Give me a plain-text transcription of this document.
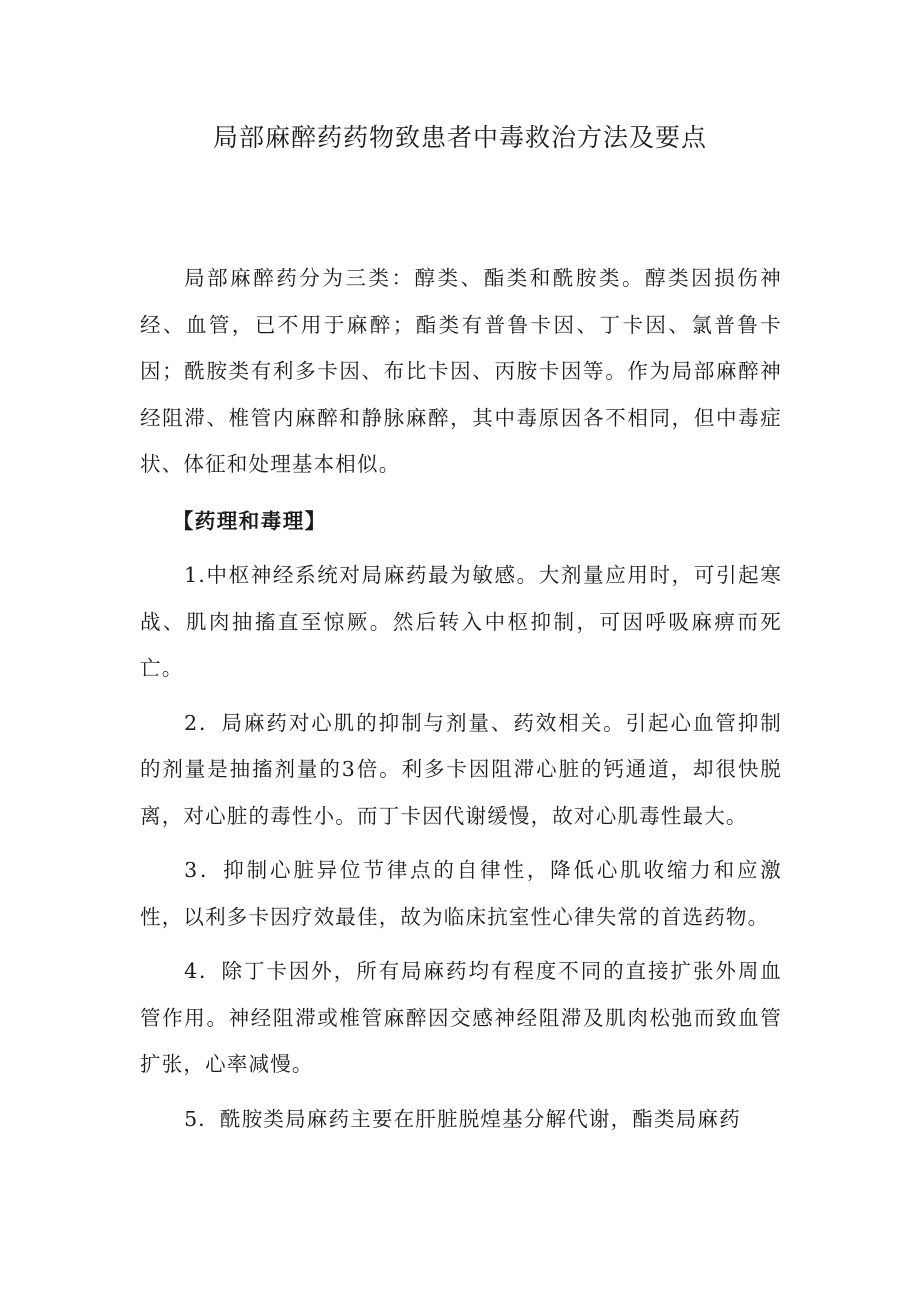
局部麻醉药药物致患者中毒救治方法及要点

局部麻醉药分为三类：醇类、酯类和酰胺类。醇类因损伤神经、血管，已不用于麻醉；酯类有普鲁卡因、丁卡因、氯普鲁卡因；酰胺类有利多卡因、布比卡因、丙胺卡因等。作为局部麻醉神经阻滞、椎管内麻醉和静脉麻醉，其中毒原因各不相同，但中毒症状、体征和处理基本相似。

【药理和毒理】

1.中枢神经系统对局麻药最为敏感。大剂量应用时，可引起寒战、肌肉抽搐直至惊厥。然后转入中枢抑制，可因呼吸麻痹而死亡。

2．局麻药对心肌的抑制与剂量、药效相关。引起心血管抑制的剂量是抽搐剂量的3倍。利多卡因阻滞心脏的钙通道，却很快脱离，对心脏的毒性小。而丁卡因代谢缓慢，故对心肌毒性最大。

3．抑制心脏异位节律点的自律性，降低心肌收缩力和应激性，以利多卡因疗效最佳，故为临床抗室性心律失常的首选药物。

4．除丁卡因外，所有局麻药均有程度不同的直接扩张外周血管作用。神经阻滞或椎管麻醉因交感神经阻滞及肌肉松弛而致血管扩张，心率减慢。

5．酰胺类局麻药主要在肝脏脱煌基分解代谢，酯类局麻药
